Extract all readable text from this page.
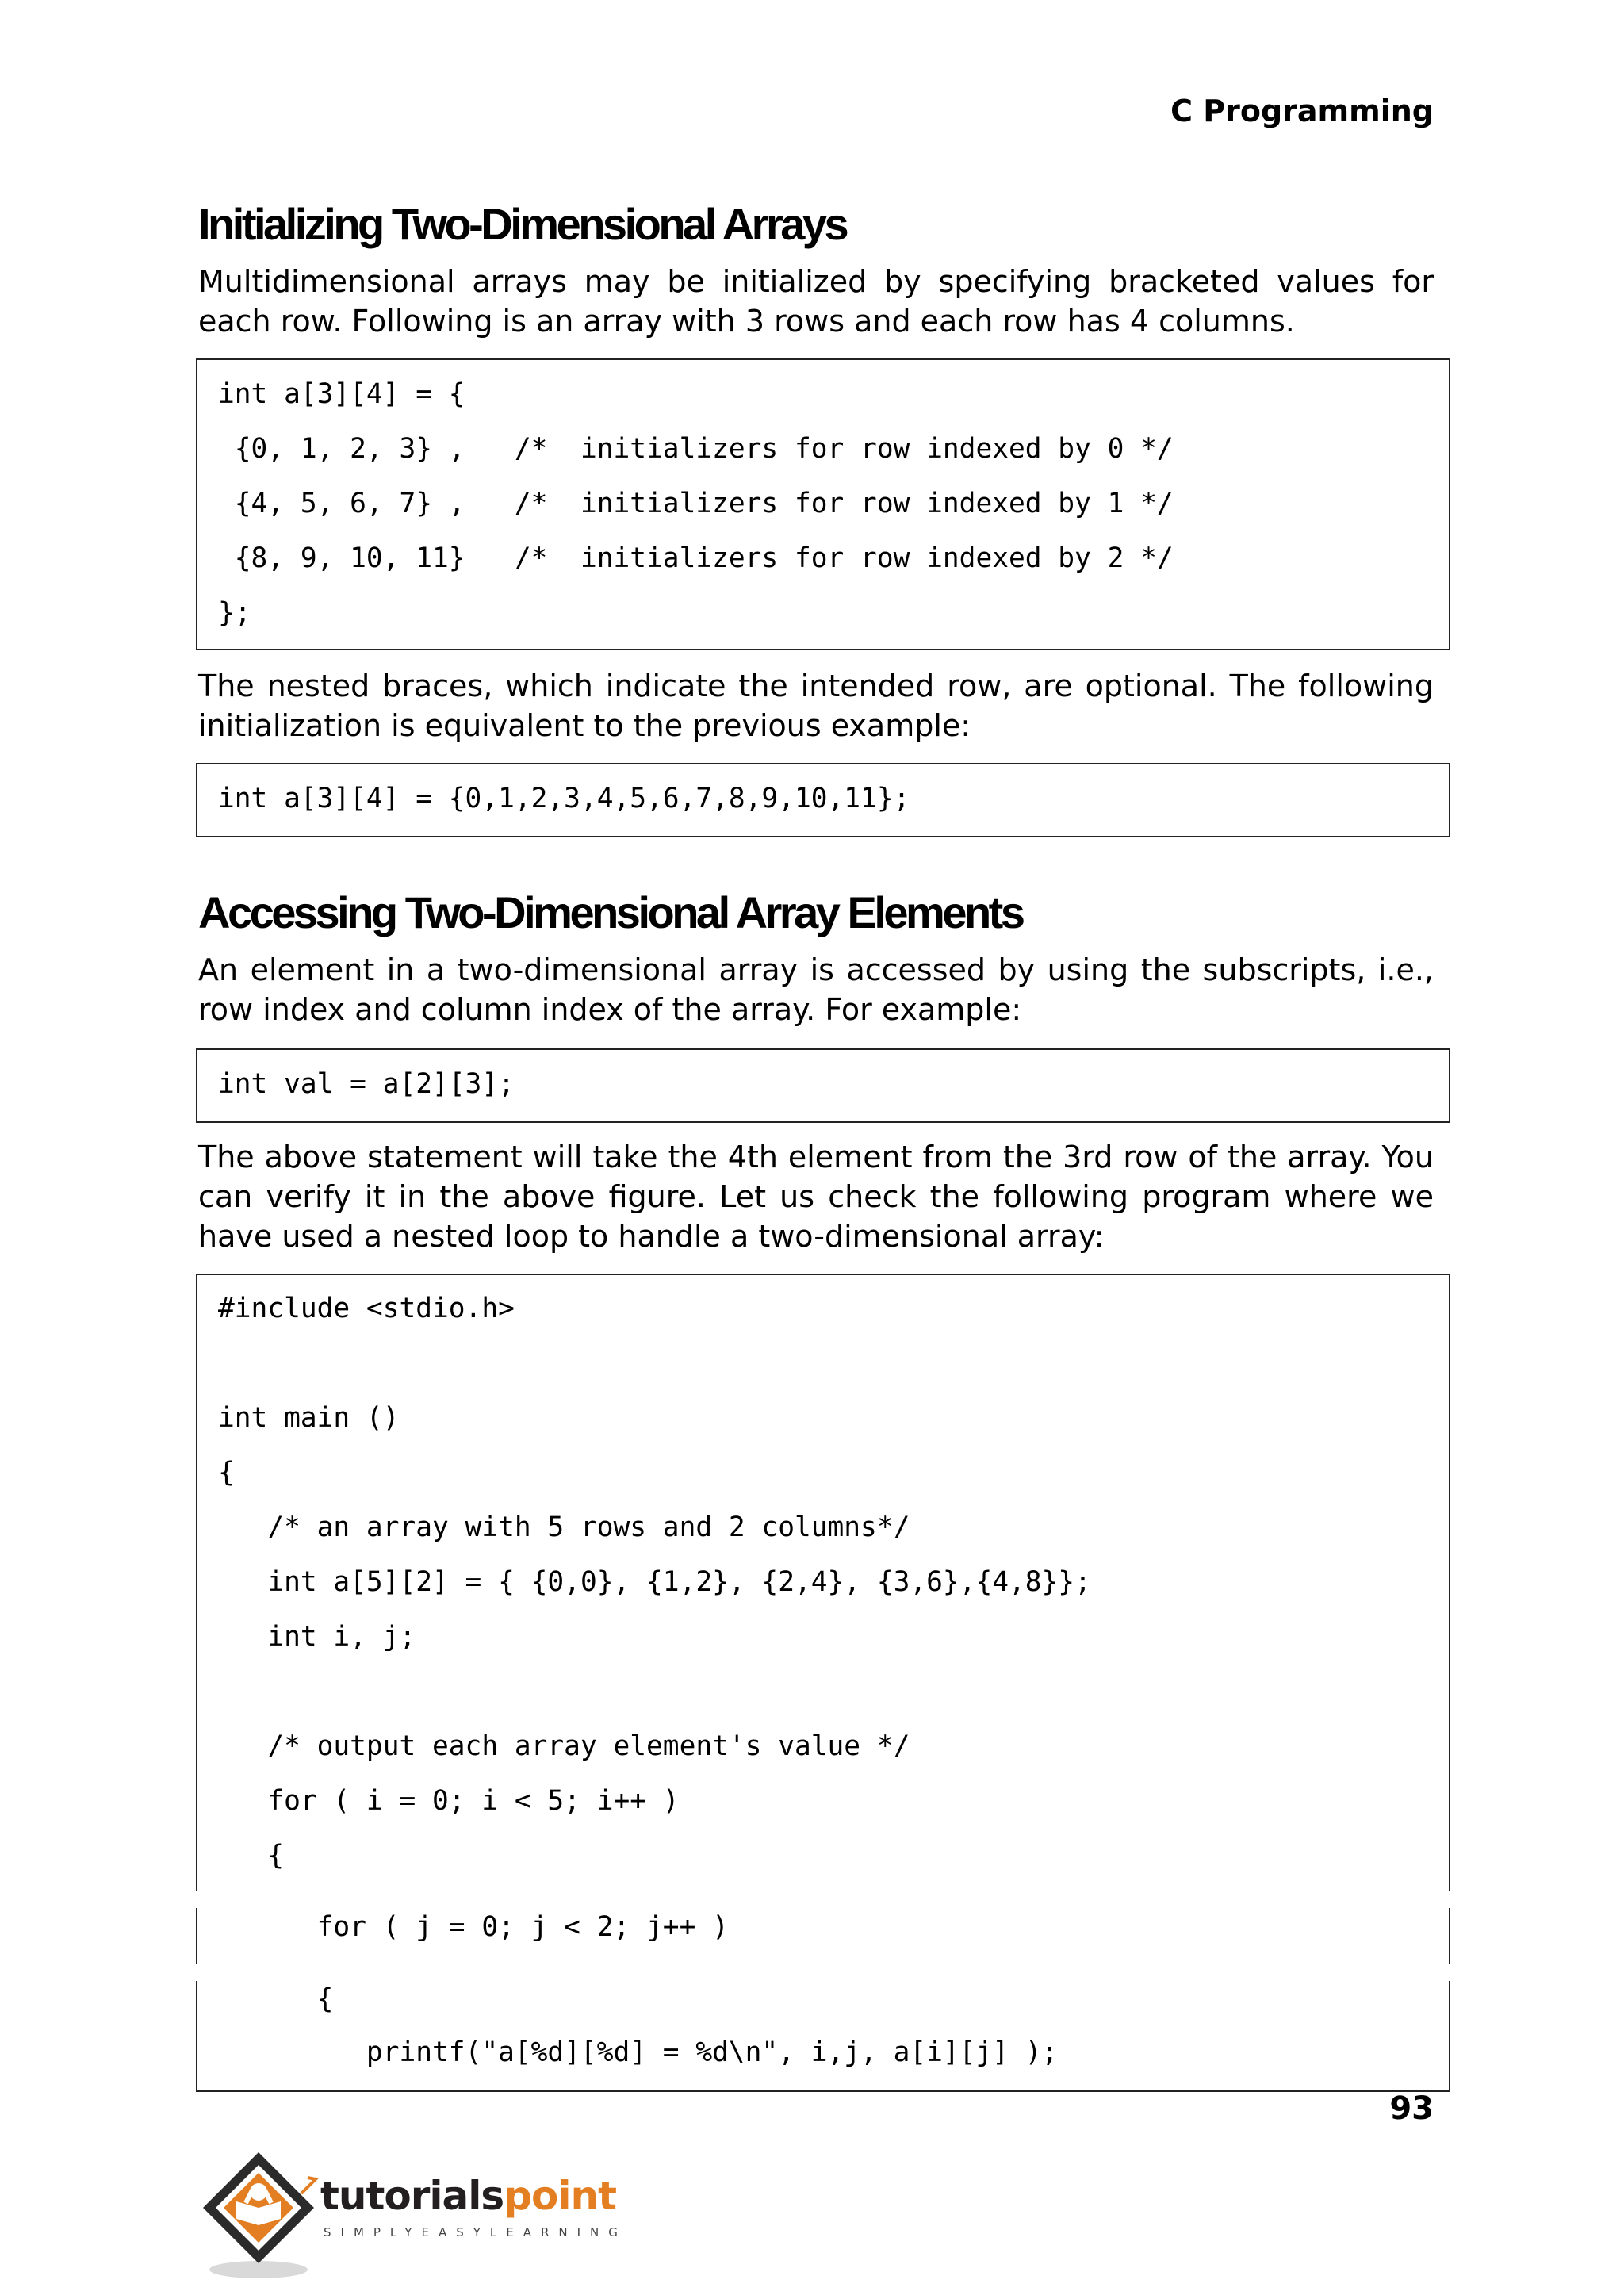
C Programming
Initializing Two-Dimensional Arrays

Multidimensional arrays may be initialized by specifying bracketed values for each row. Following is an array with 3 rows and each row has 4 columns.

int a[3][4] = {
{0, 1, 2, 3} ,   /*  initializers for row indexed by 0 */
{4, 5, 6, 7} ,   /*  initializers for row indexed by 1 */
{8, 9, 10, 11}   /*  initializers for row indexed by 2 */
};

The nested braces, which indicate the intended row, are optional. The following initialization is equivalent to the previous example:

int a[3][4] = {0,1,2,3,4,5,6,7,8,9,10,11};
Accessing Two-Dimensional Array Elements

An element in a two-dimensional array is accessed by using the subscripts, i.e., row index and column index of the array. For example:

int val = a[2][3];

The above statement will take the 4th element from the 3rd row of the array. You can verify it in the above figure. Let us check the following program where we have used a nested loop to handle a two-dimensional array:

#include <stdio.h>
int main ()
{
/* an array with 5 rows and 2 columns*/
int a[5][2] = { {0,0}, {1,2}, {2,4}, {3,6},{4,8}};
int i, j;
/* output each array element's value */
for ( i = 0; i < 5; i++ )
{
for ( j = 0; j < 2; j++ )
{
printf("a[%d][%d] = %d\n", i,j, a[i][j] );
93
tutorialspoint
SIMPLYEASYLEARNING
